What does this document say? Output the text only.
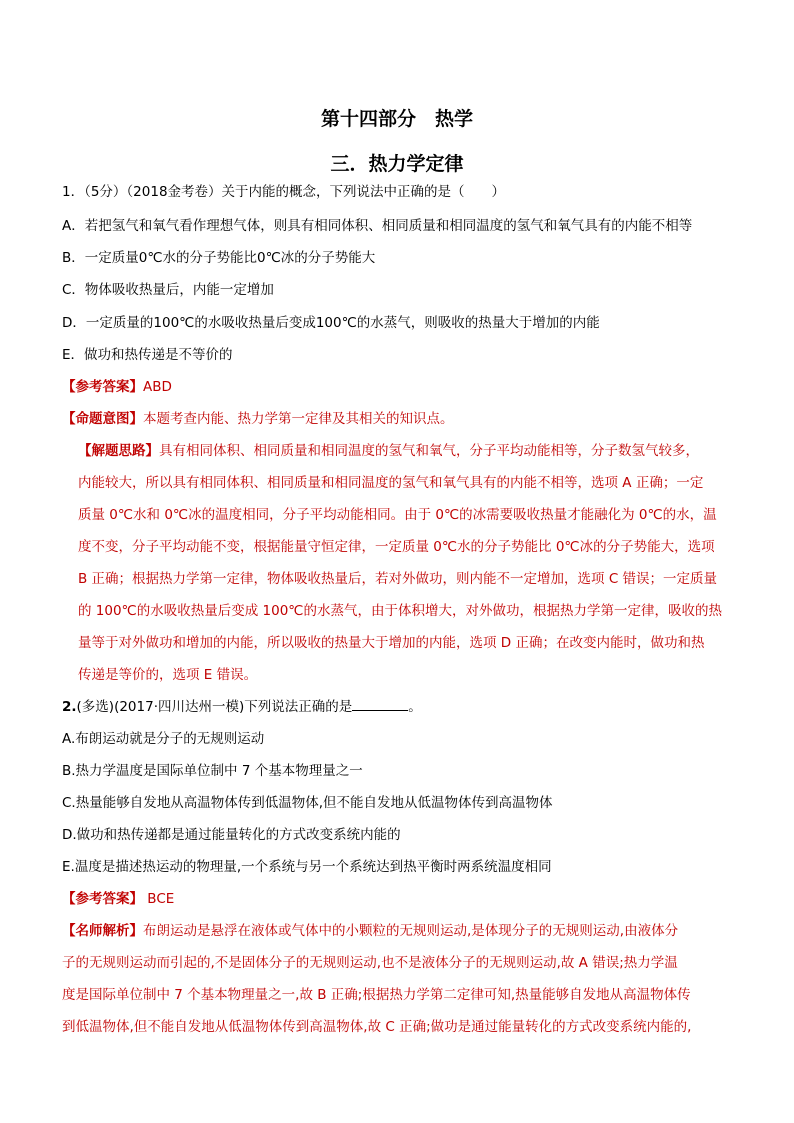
第十四部分　热学
三．热力学定律
1．（5分）（2018金考卷）关于内能的概念，下列说法中正确的是（　　）
A．若把氢气和氧气看作理想气体，则具有相同体积、相同质量和相同温度的氢气和氧气具有的内能不相等
B．一定质量0℃水的分子势能比0℃冰的分子势能大
C．物体吸收热量后，内能一定增加
D．一定质量的100℃的水吸收热量后变成100℃的水蒸气，则吸收的热量大于增加的内能
E．做功和热传递是不等价的
【参考答案】ABD
【命题意图】本题考查内能、热力学第一定律及其相关的知识点。
【解题思路】具有相同体积、相同质量和相同温度的氢气和氧气，分子平均动能相等，分子数氢气较多，
内能较大，所以具有相同体积、相同质量和相同温度的氢气和氧气具有的内能不相等，选项 A 正确；一定
质量 0℃水和 0℃冰的温度相同，分子平均动能相同。由于 0℃的冰需要吸收热量才能融化为 0℃的水，温
度不变，分子平均动能不变，根据能量守恒定律，一定质量 0℃水的分子势能比 0℃冰的分子势能大，选项
B 正确；根据热力学第一定律，物体吸收热量后，若对外做功，则内能不一定增加，选项 C 错误；一定质量
的 100℃的水吸收热量后变成 100℃的水蒸气，由于体积增大，对外做功，根据热力学第一定律，吸收的热
量等于对外做功和增加的内能，所以吸收的热量大于增加的内能，选项 D 正确；在改变内能时，做功和热
传递是等价的，选项 E 错误。
2.(多选)(2017·四川达州一模)下列说法正确的是	。
A.布朗运动就是分子的无规则运动
B.热力学温度是国际单位制中 7 个基本物理量之一
C.热量能够自发地从高温物体传到低温物体,但不能自发地从低温物体传到高温物体
D.做功和热传递都是通过能量转化的方式改变系统内能的
E.温度是描述热运动的物理量,一个系统与另一个系统达到热平衡时两系统温度相同
【参考答案】 BCE
【名师解析】布朗运动是悬浮在液体或气体中的小颗粒的无规则运动,是体现分子的无规则运动,由液体分
子的无规则运动而引起的,不是固体分子的无规则运动,也不是液体分子的无规则运动,故 A 错误;热力学温
度是国际单位制中 7 个基本物理量之一,故 B 正确;根据热力学第二定律可知,热量能够自发地从高温物体传
到低温物体,但不能自发地从低温物体传到高温物体,故 C 正确;做功是通过能量转化的方式改变系统内能的,
